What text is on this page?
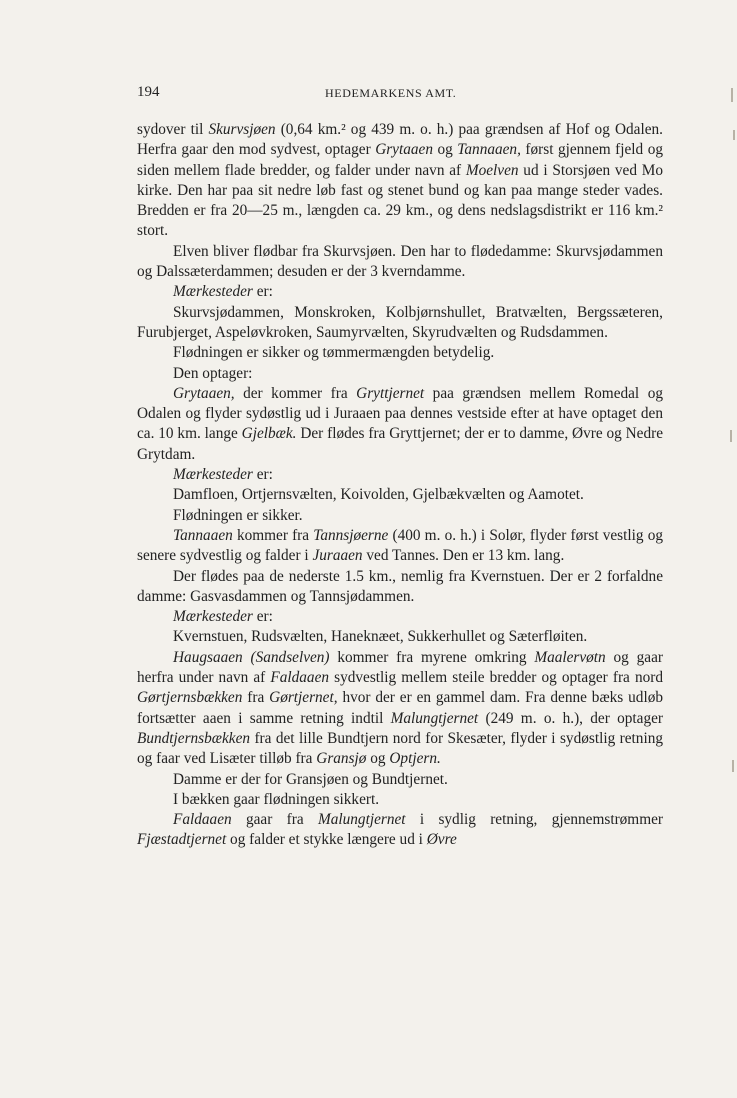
194	HEDEMARKENS AMT.

sydover til Skurvsjøen (0,64 km.² og 439 m. o. h.) paa grændsen af Hof og Odalen. Herfra gaar den mod sydvest, optager Grytaaen og Tannaaen, først gjennem fjeld og siden mellem flade bredder, og falder under navn af Moelven ud i Storsjøen ved Mo kirke. Den har paa sit nedre løb fast og stenet bund og kan paa mange steder vades. Bredden er fra 20—25 m., længden ca. 29 km., og dens nedslagsdistrikt er 116 km.² stort.

Elven bliver flødbar fra Skurvsjøen. Den har to flødedamme: Skurvsjødammen og Dalssæterdammen; desuden er der 3 kverndamme.

Mærkesteder er:

Skurvsjødammen, Monskroken, Kolbjørnshullet, Bratvælten, Bergssæteren, Furubjerget, Aspeløvkroken, Saumyrvælten, Skyrudvælten og Rudsdammen.

Flødningen er sikker og tømmermængden betydelig.

Den optager:

Grytaaen, der kommer fra Gryttjernet paa grændsen mellem Romedal og Odalen og flyder sydøstlig ud i Juraaen paa dennes vestside efter at have optaget den ca. 10 km. lange Gjelbæk. Der flødes fra Gryttjernet; der er to damme, Øvre og Nedre Grytdam.

Mærkesteder er:

Damfloen, Ortjernsvælten, Koivolden, Gjelbækvælten og Aamotet.

Flødningen er sikker.

Tannaaen kommer fra Tannsjøerne (400 m. o. h.) i Solør, flyder først vestlig og senere sydvestlig og falder i Juraaen ved Tannes. Den er 13 km. lang.

Der flødes paa de nederste 1.5 km., nemlig fra Kvernstuen. Der er 2 forfaldne damme: Gasvasdammen og Tannsjødammen.

Mærkesteder er:

Kvernstuen, Rudsvælten, Haneknæet, Sukkerhullet og Sæterfløiten.

Haugsaaen (Sandselven) kommer fra myrene omkring Maalervøtn og gaar herfra under navn af Faldaaen sydvestlig mellem steile bredder og optager fra nord Gørtjernsbækken fra Gørtjernet, hvor der er en gammel dam. Fra denne bæks udløb fortsætter aaen i samme retning indtil Malungtjernet (249 m. o. h.), der optager Bundtjernsbækken fra det lille Bundtjern nord for Skesæter, flyder i sydøstlig retning og faar ved Lisæter tilløb fra Gransjø og Optjern.

Damme er der for Gransjøen og Bundtjernet.

I bækken gaar flødningen sikkert.

Faldaaen gaar fra Malungtjernet i sydlig retning, gjennemstrømmer Fjæstadtjernet og falder et stykke længere ud i Øvre
